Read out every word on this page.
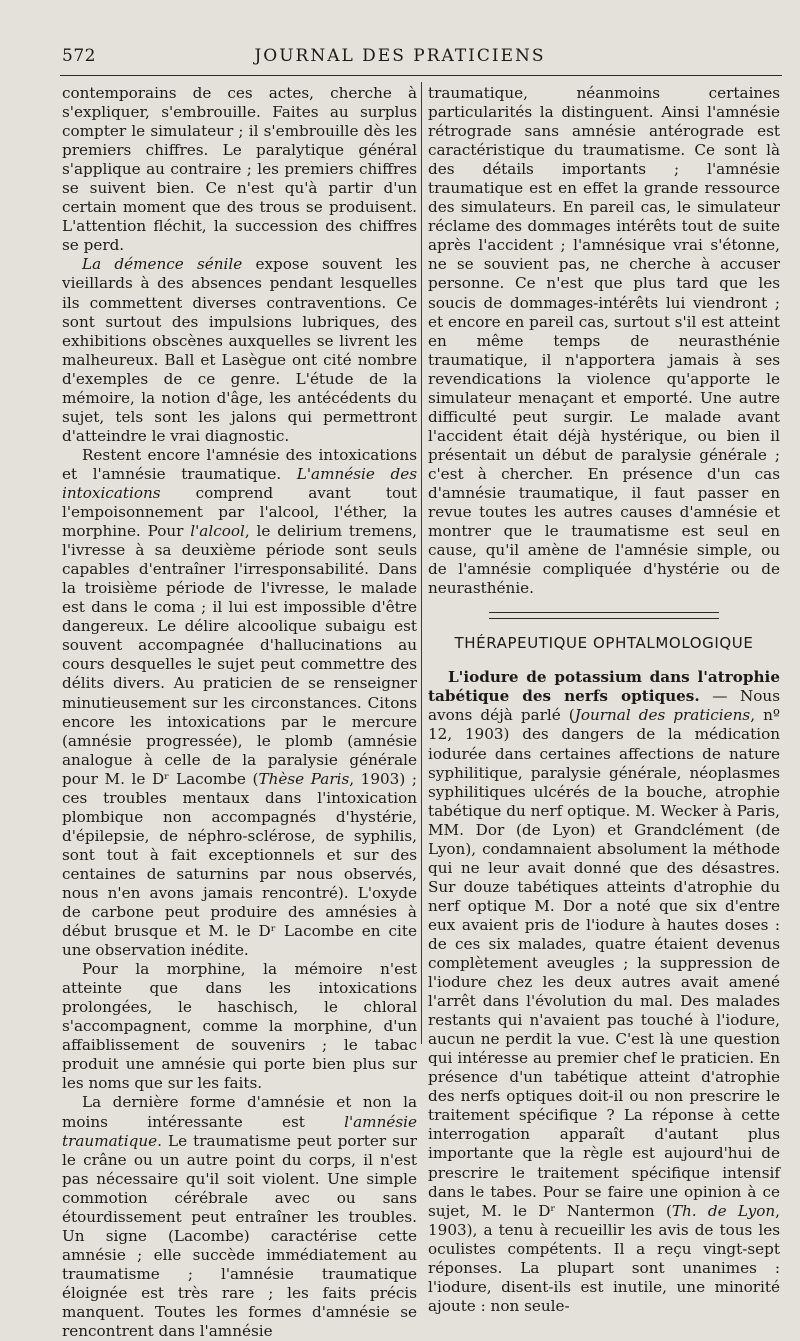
572	JOURNAL DES PRATICIENS

contemporains de ces actes, cherche à s'expliquer, s'embrouille. Faites au surplus compter le simulateur ; il s'embrouille dès les premiers chiffres. Le paralytique général s'applique au contraire ; les premiers chiffres se suivent bien. Ce n'est qu'à partir d'un certain moment que des trous se produisent. L'attention fléchit, la succession des chiffres se perd.

La démence sénile expose souvent les vieillards à des absences pendant lesquelles ils commettent diverses contraventions. Ce sont surtout des impulsions lubriques, des exhibitions obscènes auxquelles se livrent les malheureux. Ball et Lasègue ont cité nombre d'exemples de ce genre. L'étude de la mémoire, la notion d'âge, les antécédents du sujet, tels sont les jalons qui permettront d'atteindre le vrai diagnostic.

Restent encore l'amnésie des intoxications et l'amnésie traumatique. L'amnésie des intoxications comprend avant tout l'empoisonnement par l'alcool, l'éther, la morphine. Pour l'alcool, le delirium tremens, l'ivresse à sa deuxième période sont seuls capables d'entraîner l'irresponsabilité. Dans la troisième période de l'ivresse, le malade est dans le coma ; il lui est impossible d'être dangereux. Le délire alcoolique subaigu est souvent accompagnée d'hallucinations au cours desquelles le sujet peut commettre des délits divers. Au praticien de se renseigner minutieusement sur les circonstances. Citons encore les intoxications par le mercure (amnésie progressée), le plomb (amnésie analogue à celle de la paralysie générale pour M. le Dʳ Lacombe (Thèse Paris, 1903) ; ces troubles mentaux dans l'intoxication plombique non accompagnés d'hystérie, d'épilepsie, de néphro-sclérose, de syphilis, sont tout à fait exceptionnels et sur des centaines de saturnins par nous observés, nous n'en avons jamais rencontré). L'oxyde de carbone peut produire des amnésies à début brusque et M. le Dʳ Lacombe en cite une observation inédite.

Pour la morphine, la mémoire n'est atteinte que dans les intoxications prolongées, le haschisch, le chloral s'accompagnent, comme la morphine, d'un affaiblissement de souvenirs ; le tabac produit une amnésie qui porte bien plus sur les noms que sur les faits.

La dernière forme d'amnésie et non la moins intéressante est l'amnésie traumatique. Le traumatisme peut porter sur le crâne ou un autre point du corps, il n'est pas nécessaire qu'il soit violent. Une simple commotion cérébrale avec ou sans étourdissement peut entraîner les troubles. Un signe (Lacombe) caractérise cette amnésie ; elle succède immédiatement au traumatisme ; l'amnésie traumatique éloignée est très rare ; les faits précis manquent. Toutes les formes d'amnésie se rencontrent dans l'amnésie

traumatique, néanmoins certaines particularités la distinguent. Ainsi l'amnésie rétrograde sans amnésie antérograde est caractéristique du traumatisme. Ce sont là des détails importants ; l'amnésie traumatique est en effet la grande ressource des simulateurs. En pareil cas, le simulateur réclame des dommages intérêts tout de suite après l'accident ; l'amnésique vrai s'étonne, ne se souvient pas, ne cherche à accuser personne. Ce n'est que plus tard que les soucis de dommages-intérêts lui viendront ; et encore en pareil cas, surtout s'il est atteint en même temps de neurasthénie traumatique, il n'apportera jamais à ses revendications la violence qu'apporte le simulateur menaçant et emporté. Une autre difficulté peut surgir. Le malade avant l'accident était déjà hystérique, ou bien il présentait un début de paralysie générale ; c'est à chercher. En présence d'un cas d'amnésie traumatique, il faut passer en revue toutes les autres causes d'amnésie et montrer que le traumatisme est seul en cause, qu'il amène de l'amnésie simple, ou de l'amnésie compliquée d'hystérie ou de neurasthénie.

THÉRAPEUTIQUE OPHTALMOLOGIQUE

L'iodure de potassium dans l'atrophie tabétique des nerfs optiques. — Nous avons déjà parlé (Journal des praticiens, nº 12, 1903) des dangers de la médication iodurée dans certaines affections de nature syphilitique, paralysie générale, néoplasmes syphilitiques ulcérés de la bouche, atrophie tabétique du nerf optique. M. Wecker à Paris, MM. Dor (de Lyon) et Grandclément (de Lyon), condamnaient absolument la méthode qui ne leur avait donné que des désastres. Sur douze tabétiques atteints d'atrophie du nerf optique M. Dor a noté que six d'entre eux avaient pris de l'iodure à hautes doses : de ces six malades, quatre étaient devenus complètement aveugles ; la suppression de l'iodure chez les deux autres avait amené l'arrêt dans l'évolution du mal. Des malades restants qui n'avaient pas touché à l'iodure, aucun ne perdit la vue. C'est là une question qui intéresse au premier chef le praticien. En présence d'un tabétique atteint d'atrophie des nerfs optiques doit-il ou non prescrire le traitement spécifique ? La réponse à cette interrogation apparaît d'autant plus importante que la règle est aujourd'hui de prescrire le traitement spécifique intensif dans le tabes. Pour se faire une opinion à ce sujet, M. le Dʳ Nantermon (Th. de Lyon, 1903), a tenu à recueillir les avis de tous les oculistes compétents. Il a reçu vingt-sept réponses. La plupart sont unanimes : l'iodure, disent-ils est inutile, une minorité ajoute : non seule-
